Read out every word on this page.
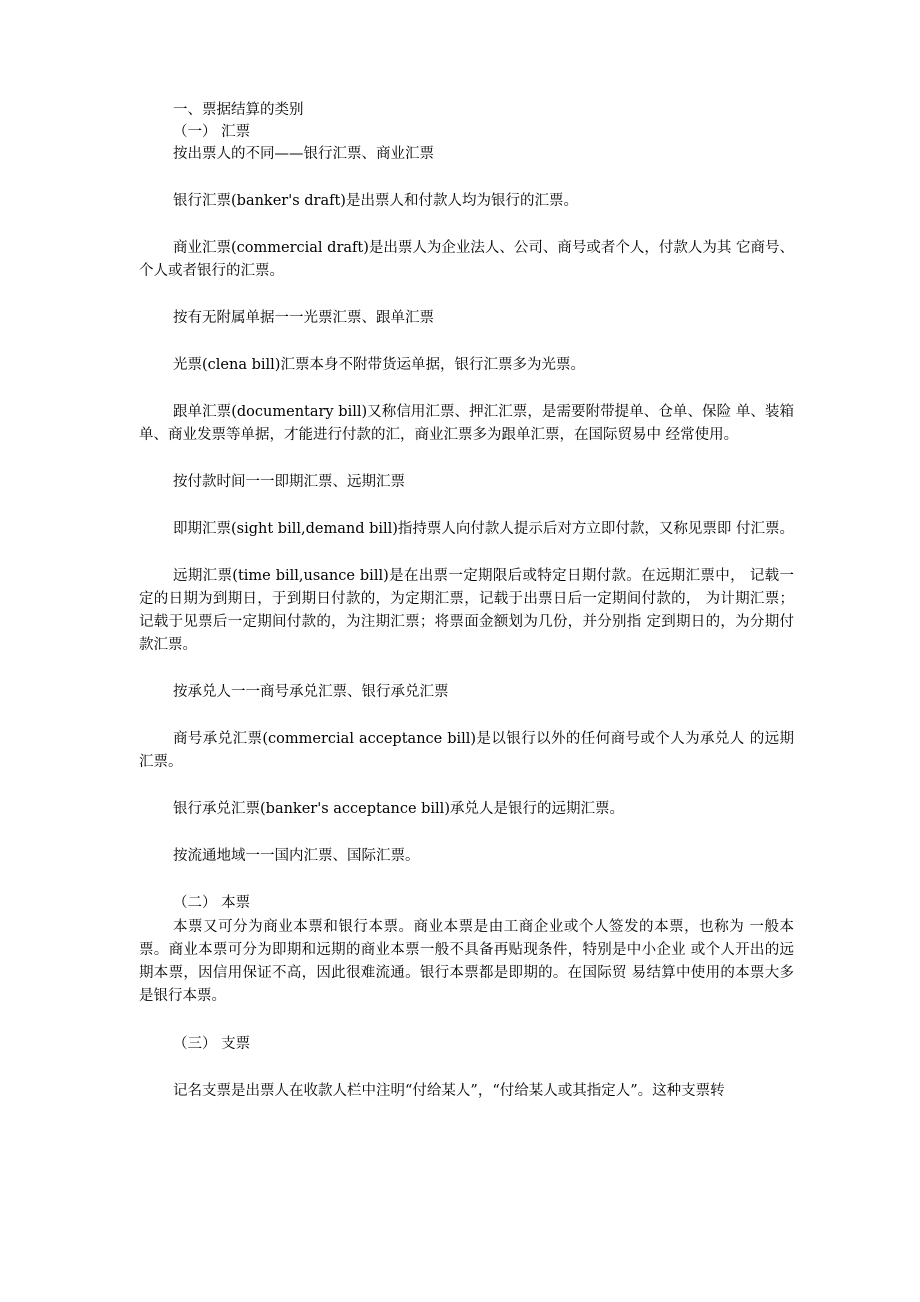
一、票据结算的类别

（一） 汇票

按出票人的不同——银行汇票、商业汇票

银行汇票(banker's draft)是出票人和付款人均为银行的汇票。

商业汇票(commercial draft)是出票人为企业法人、公司、商号或者个人，付款人为其 它商号、个人或者银行的汇票。

按有无附属单据一一光票汇票、跟单汇票

光票(clena bill)汇票本身不附带货运单据，银行汇票多为光票。

跟单汇票(documentary bill)又称信用汇票、押汇汇票，是需要附带提单、仓单、保险 单、装箱单、商业发票等单据，才能进行付款的汇，商业汇票多为跟单汇票，在国际贸易中 经常使用。

按付款时间一一即期汇票、远期汇票

即期汇票(sight bill,demand bill)指持票人向付款人提示后对方立即付款，又称见票即 付汇票。

远期汇票(time bill,usance bill)是在出票一定期限后或特定日期付款。在远期汇票中， 记载一定的日期为到期日，于到期日付款的，为定期汇票，记载于出票日后一定期间付款的， 为计期汇票；记载于见票后一定期间付款的，为注期汇票；将票面金额划为几份，并分别指 定到期日的，为分期付款汇票。

按承兑人一一商号承兑汇票、银行承兑汇票

商号承兑汇票(commercial acceptance bill)是以银行以外的任何商号或个人为承兑人 的远期汇票。

银行承兑汇票(banker's acceptance bill)承兑人是银行的远期汇票。

按流通地域一一国内汇票、国际汇票。

（二） 本票

本票又可分为商业本票和银行本票。商业本票是由工商企业或个人签发的本票，也称为 一般本票。商业本票可分为即期和远期的商业本票一般不具备再贴现条件，特别是中小企业 或个人开出的远期本票，因信用保证不高，因此很难流通。银行本票都是即期的。在国际贸 易结算中使用的本票大多是银行本票。

（三） 支票

记名支票是出票人在收款人栏中注明“付给某人”，“付给某人或其指定人”。这种支票转
